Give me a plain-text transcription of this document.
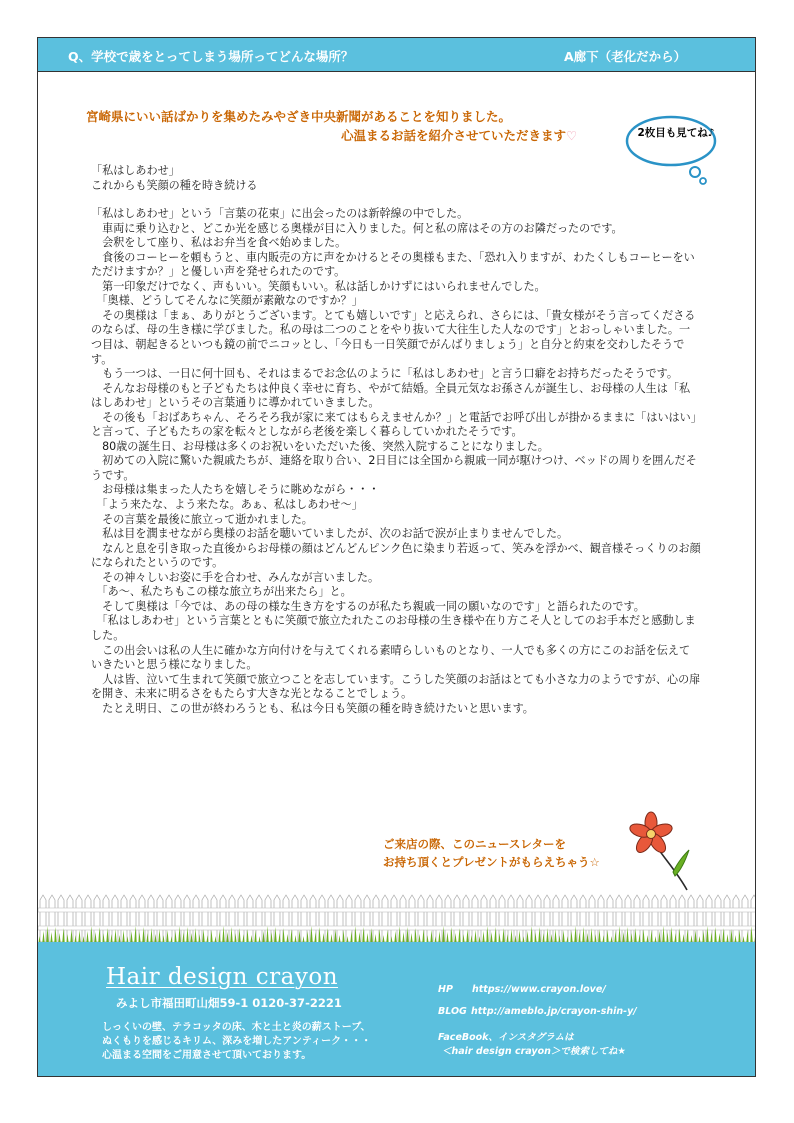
Q、学校で歳をとってしまう場所ってどんな場所？	A廊下（老化だから）
宮崎県にいい話ばかりを集めたみやざき中央新聞があることを知りました。
心温まるお話を紹介させていただきます♡	2枚目も見てね♪

「私はしあわせ」

これからも笑顔の種を時き続ける

「私はしあわせ」という「言葉の花束」に出会ったのは新幹線の中でした。

　車両に乗り込むと、どこか光を感じる奥様が目に入りました。何と私の席はその方のお隣だったのです。

　会釈をして座り、私はお弁当を食べ始めました。

　食後のコーヒーを頼もうと、車内販売の方に声をかけるとその奥様もまた、「恐れ入りますが、わたくしもコーヒーをいただけますか？」と優しい声を発せられたのです。

　第一印象だけでなく、声もいい。笑顔もいい。私は話しかけずにはいられませんでした。

　「奥様、どうしてそんなに笑顔が素敵なのですか？」

　その奥様は「まぁ、ありがとうございます。とても嬉しいです」と応えられ、さらには、「貴女様がそう言ってくださるのならば、母の生き様に学びました。私の母は二つのことをやり抜いて大往生した人なのです」とおっしゃいました。一つ目は、朝起きるといつも鏡の前でニコッとし、「今日も一日笑顔でがんばりましょう」と自分と約束を交わしたそうです。

　もう一つは、一日に何十回も、それはまるでお念仏のように「私はしあわせ」と言う口癖をお持ちだったそうです。

　そんなお母様のもと子どもたちは仲良く幸せに育ち、やがて結婚。全員元気なお孫さんが誕生し、お母様の人生は「私はしあわせ」というその言葉通りに導かれていきました。

　その後も「おばあちゃん、そろそろ我が家に来てはもらえませんか？」と電話でお呼び出しが掛かるままに「はいはい」と言って、子どもたちの家を転々としながら老後を楽しく暮らしていかれたそうです。

　80歳の誕生日、お母様は多くのお祝いをいただいた後、突然入院することになりました。

　初めての入院に驚いた親戚たちが、連絡を取り合い、2日目には全国から親戚一同が駆けつけ、ベッドの周りを囲んだそうです。

　お母様は集まった人たちを嬉しそうに眺めながら・・・

　「よう来たな、よう来たな。あぁ、私はしあわせ～」

　その言葉を最後に旅立って逝かれました。

　私は目を潤ませながら奥様のお話を聴いていましたが、次のお話で涙が止まりませんでした。

　なんと息を引き取った直後からお母様の顔はどんどんピンク色に染まり若返って、笑みを浮かべ、観音様そっくりのお顔になられたというのです。

　その神々しいお姿に手を合わせ、みんなが言いました。

　「あ～、私たちもこの様な旅立ちが出来たら」と。

　そして奥様は「今では、あの母の様な生き方をするのが私たち親戚一同の願いなのです」と語られたのです。

　「私はしあわせ」という言葉とともに笑顔で旅立たれたこのお母様の生き様や在り方こそ人としてのお手本だと感動しました。

　この出会いは私の人生に確かな方向付けを与えてくれる素晴らしいものとなり、一人でも多くの方にこのお話を伝えていきたいと思う様になりました。

　人は皆、泣いて生まれて笑顔で旅立つことを志しています。こうした笑顔のお話はとても小さな力のようですが、心の扉を開き、未来に明るさをもたらす大きな光となることでしょう。

　たとえ明日、この世が終わろうとも、私は今日も笑顔の種を時き続けたいと思います。

ご来店の際、このニュースレターを
お持ち頂くとプレゼントがもらえちゃう☆
Hair design crayon
みよし市福田町山畑59-1 0120-37-2221
しっくいの壁、テラコッタの床、木と土と炎の薪ストーブ、
ぬくもりを感じるキリム、深みを増したアンティーク・・・
心温まる空間をご用意させて頂いております。
HP https://www.crayon.love/
BLOG http://ameblo.jp/crayon-shin-y/
FaceBook、インスタグラムは
＜hair design crayon＞で検索してね★
